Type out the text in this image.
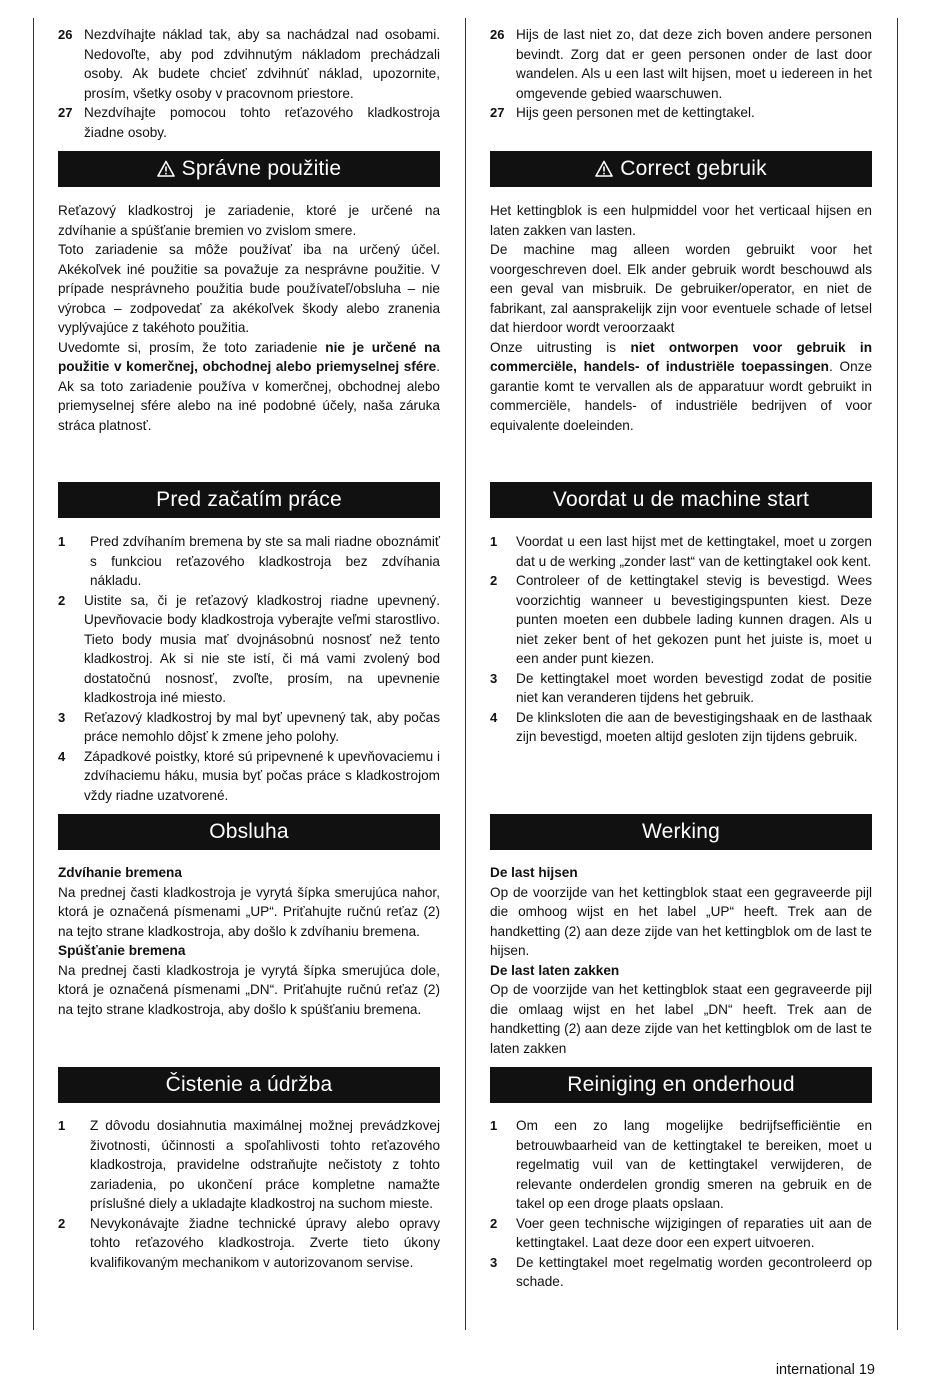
26 Nezdvíhajte náklad tak, aby sa nachádzal nad osobami. Nedovoľte, aby pod zdvihnutým nákladom prechádzali osoby. Ak budete chcieť zdvihnúť náklad, upozornite, prosím, všetky osoby v pracovnom priestore.
27 Nezdvíhajte pomocou tohto reťazového kladkostroja žiadne osoby.
Správne použitie

Reťazový kladkostroj je zariadenie, ktoré je určené na zdvíhanie a spúšťanie bremien vo zvislom smere.

Toto zariadenie sa môže používať iba na určený účel. Akékoľvek iné použitie sa považuje za nesprávne použitie. V prípade nesprávneho použitia bude používateľ/obsluha – nie výrobca – zodpovedať za akékoľvek škody alebo zranenia vyplývajúce z takéhoto použitia.

Uvedomte si, prosím, že toto zariadenie nie je určené na použitie v komerčnej, obchodnej alebo priemyselnej sfére. Ak sa toto zariadenie používa v komerčnej, obchodnej alebo priemyselnej sfére alebo na iné podobné účely, naša záruka stráca platnosť.

Pred začatím práce
1	Pred zdvíhaním bremena by ste sa mali riadne oboznámiť s funkciou reťazového kladkostroja bez zdvíhania nákladu.
2	Uistite sa, či je reťazový kladkostroj riadne upevnený. Upevňovacie body kladkostroja vyberajte veľmi starostlivo. Tieto body musia mať dvojnásobnú nosnosť než tento kladkostroj. Ak si nie ste istí, či má vami zvolený bod dostatočnú nosnosť, zvoľte, prosím, na upevnenie kladkostroja iné miesto.
3	Reťazový kladkostroj by mal byť upevnený tak, aby počas práce nemohlo dôjsť k zmene jeho polohy.
4	Západkové poistky, ktoré sú pripevnené k upevňovaciemu i zdvíhaciemu háku, musia byť počas práce s kladkostrojom vždy riadne uzatvorené.
Obsluha
Zdvíhanie bremena

Na prednej časti kladkostroja je vyrytá šípka smerujúca nahor, ktorá je označená písmenami „UP“. Priťahujte ručnú reťaz (2) na tejto strane kladkostroja, aby došlo k zdvíhaniu bremena.

Spúšťanie bremena

Na prednej časti kladkostroja je vyrytá šípka smerujúca dole, ktorá je označená písmenami „DN“. Priťahujte ručnú reťaz (2) na tejto strane kladkostroja, aby došlo k spúšťaniu bremena.

Čistenie a údržba
1	Z dôvodu dosiahnutia maximálnej možnej prevádzkovej životnosti, účinnosti a spoľahlivosti tohto reťazového kladkostroja, pravidelne odstraňujte nečistoty z tohto zariadenia, po ukončení práce kompletne namažte príslušné diely a ukladajte kladkostroj na suchom mieste.
2	Nevykonávajte žiadne technické úpravy alebo opravy tohto reťazového kladkostroja. Zverte tieto úkony kvalifikovaným mechanikom v autorizovanom servise.
26 Hijs de last niet zo, dat deze zich boven andere personen bevindt. Zorg dat er geen personen onder de last door wandelen. Als u een last wilt hijsen, moet u iedereen in het omgevende gebied waarschuwen.
27 Hijs geen personen met de kettingtakel.
Correct gebruik

Het kettingblok is een hulpmiddel voor het verticaal hijsen en laten zakken van lasten.

De machine mag alleen worden gebruikt voor het voorgeschreven doel. Elk ander gebruik wordt beschouwd als een geval van misbruik. De gebruiker/operator, en niet de fabrikant, zal aansprakelijk zijn voor eventuele schade of letsel dat hierdoor wordt veroorzaakt

Onze uitrusting is niet ontworpen voor gebruik in commerciële, handels- of industriële toepassingen. Onze garantie komt te vervallen als de apparatuur wordt gebruikt in commerciële, handels- of industriële bedrijven of voor equivalente doeleinden.

Voordat u de machine start
1	Voordat u een last hijst met de kettingtakel, moet u zorgen dat u de werking „zonder last“ van de kettingtakel ook kent.
2	Controleer of de kettingtakel stevig is bevestigd. Wees voorzichtig wanneer u bevestigingspunten kiest. Deze punten moeten een dubbele lading kunnen dragen. Als u niet zeker bent of het gekozen punt het juiste is, moet u een ander punt kiezen.
3	De kettingtakel moet worden bevestigd zodat de positie niet kan veranderen tijdens het gebruik.
4	De klinksloten die aan de bevestigingshaak en de lasthaak zijn bevestigd, moeten altijd gesloten zijn tijdens gebruik.
Werking
De last hijsen

Op de voorzijde van het kettingblok staat een gegraveerde pijl die omhoog wijst en het label „UP“ heeft. Trek aan de handketting (2) aan deze zijde van het kettingblok om de last te hijsen.

De last laten zakken

Op de voorzijde van het kettingblok staat een gegraveerde pijl die omlaag wijst en het label „DN“ heeft. Trek aan de handketting (2) aan deze zijde van het kettingblok om de last te laten zakken

Reiniging en onderhoud
1	Om een zo lang mogelijke bedrijfsefficiëntie en betrouwbaarheid van de kettingtakel te bereiken, moet u regelmatig vuil van de kettingtakel verwijderen, de relevante onderdelen grondig smeren na gebruik en de takel op een droge plaats opslaan.
2	Voer geen technische wijzigingen of reparaties uit aan de kettingtakel. Laat deze door een expert uitvoeren.
3	De kettingtakel moet regelmatig worden gecontroleerd op schade.
international 19
